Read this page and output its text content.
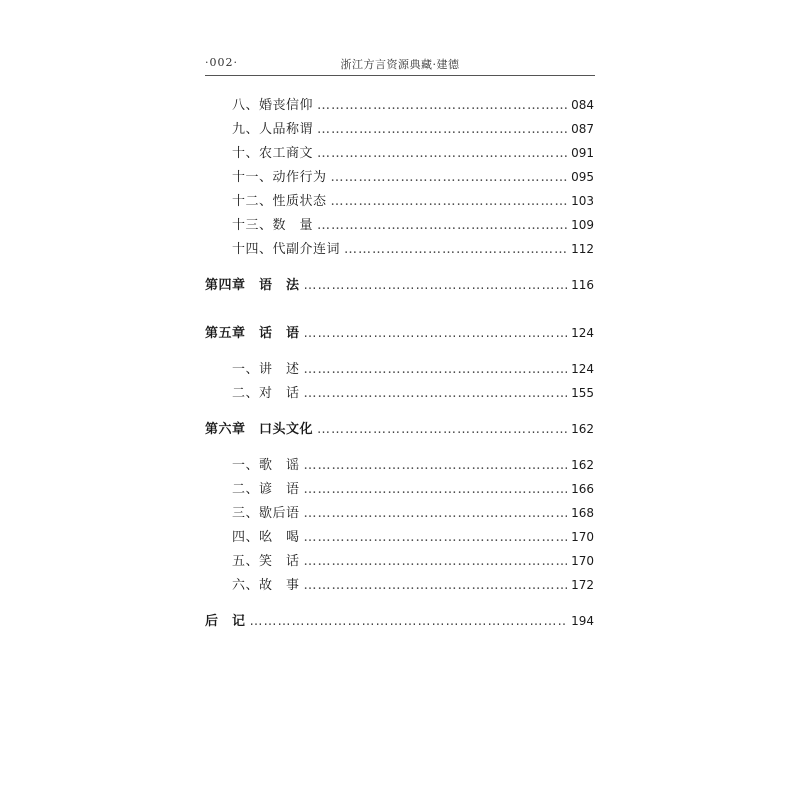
·002·	浙江方言资源典藏·建德
八、婚丧信仰 ………………………………………………………………………………………………………………………………………………………………	084
九、人品称谓 ………………………………………………………………………………………………………………………………………………………………	087
十、农工商文 ………………………………………………………………………………………………………………………………………………………………	091
十一、动作行为 ………………………………………………………………………………………………………………………………………………………………	095
十二、性质状态 ………………………………………………………………………………………………………………………………………………………………	103
十三、数　量 ………………………………………………………………………………………………………………………………………………………………	109
十四、代副介连词 ………………………………………………………………………………………………………………………………………………………………	112
第四章　语　法 ………………………………………………………………………………………………………………………………………………………………	116
第五章　话　语 ………………………………………………………………………………………………………………………………………………………………	124
一、讲　述 ………………………………………………………………………………………………………………………………………………………………	124
二、对　话 ………………………………………………………………………………………………………………………………………………………………	155
第六章　口头文化 ………………………………………………………………………………………………………………………………………………………………	162
一、歌　谣 ………………………………………………………………………………………………………………………………………………………………	162
二、谚　语 ………………………………………………………………………………………………………………………………………………………………	166
三、歇后语 ………………………………………………………………………………………………………………………………………………………………	168
四、吆　喝 ………………………………………………………………………………………………………………………………………………………………	170
五、笑　话 ………………………………………………………………………………………………………………………………………………………………	170
六、故　事 ………………………………………………………………………………………………………………………………………………………………	172
后　记 ………………………………………………………………………………………………………………………………………………………………	194
